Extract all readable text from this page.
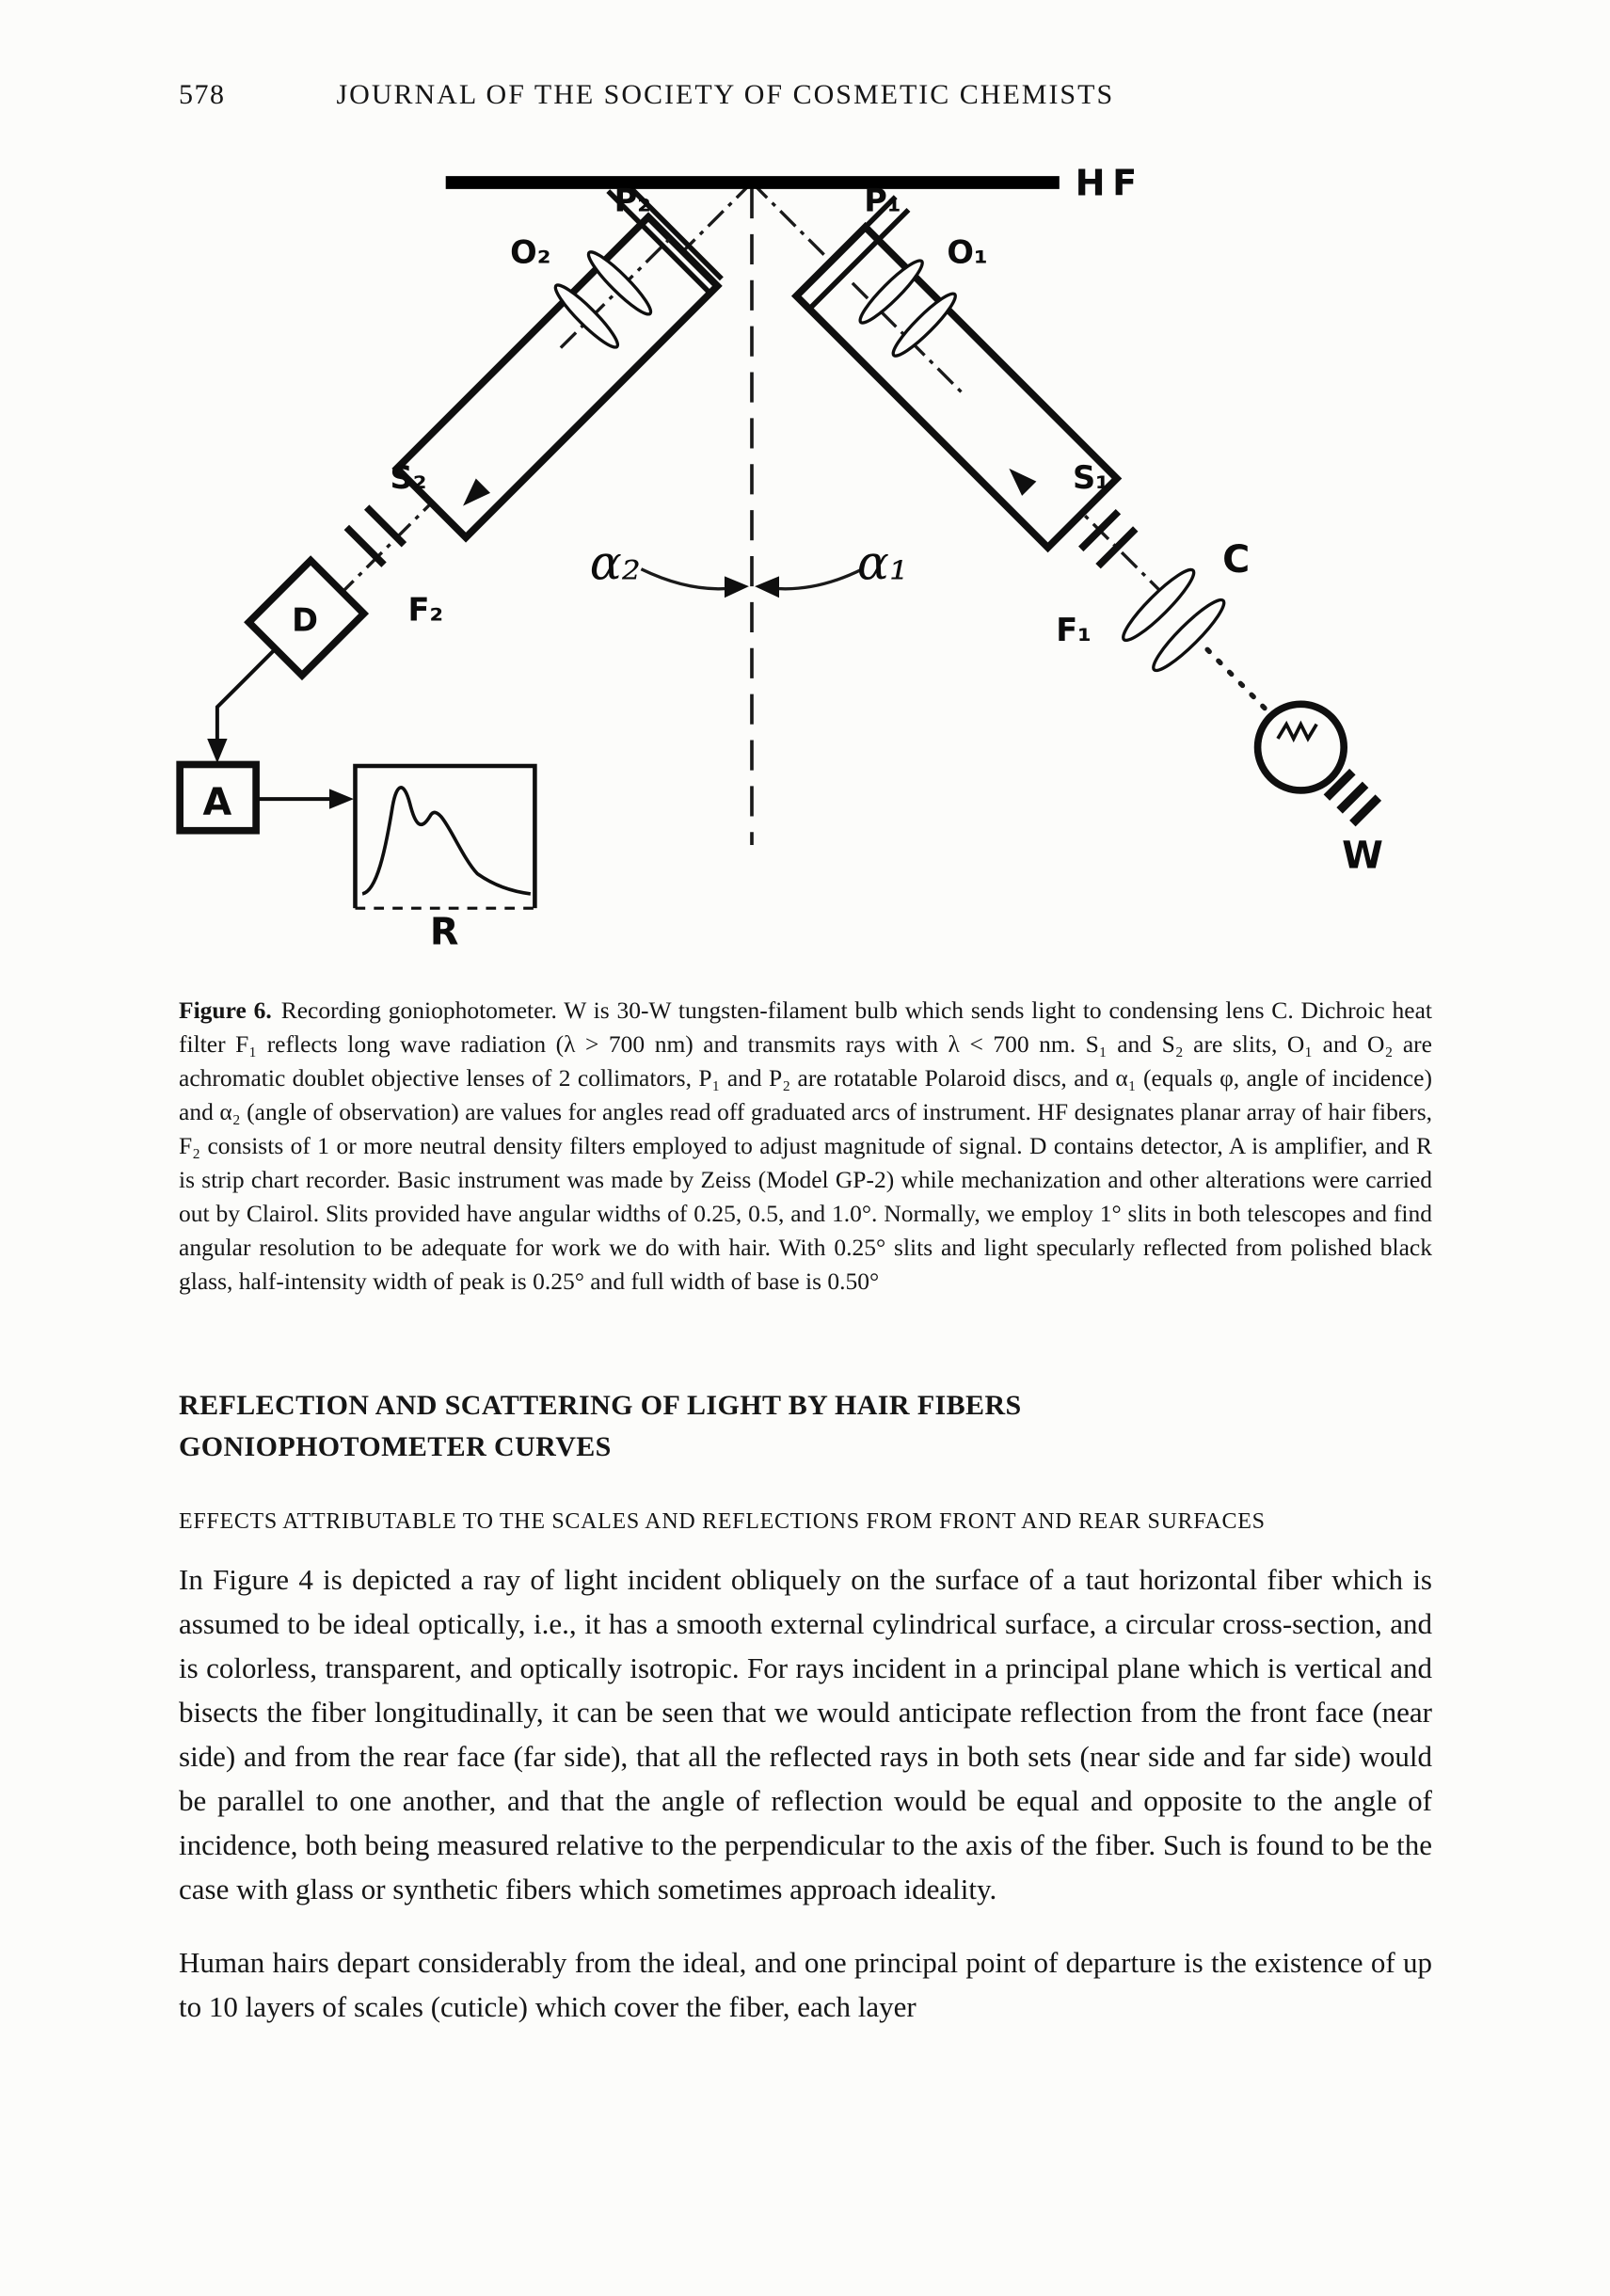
578	JOURNAL OF THE SOCIETY OF COSMETIC CHEMISTS
HF
P₂
O₂
S₂
D	F₂
α₂	α₁
P₁
O₁
S₁
F₁
C
W
A
R

Figure 6. Recording goniophotometer. W is 30-W tungsten-filament bulb which sends light to condensing lens C. Dichroic heat filter F₁ reflects long wave radiation (λ > 700 nm) and transmits rays with λ < 700 nm. S₁ and S₂ are slits, O₁ and O₂ are achromatic doublet objective lenses of 2 collimators, P₁ and P₂ are rotatable Polaroid discs, and α₁ (equals φ, angle of incidence) and α₂ (angle of observation) are values for angles read off graduated arcs of instrument. HF designates planar array of hair fibers, F₂ consists of 1 or more neutral density filters employed to adjust magnitude of signal. D contains detector, A is amplifier, and R is strip chart recorder. Basic instrument was made by Zeiss (Model GP-2) while mechanization and other alterations were carried out by Clairol. Slits provided have angular widths of 0.25, 0.5, and 1.0°. Normally, we employ 1° slits in both telescopes and find angular resolution to be adequate for work we do with hair. With 0.25° slits and light specularly reflected from polished black glass, half-intensity width of peak is 0.25° and full width of base is 0.50°

REFLECTION AND SCATTERING OF LIGHT BY HAIR FIBERS
GONIOPHOTOMETER CURVES
EFFECTS ATTRIBUTABLE TO THE SCALES AND REFLECTIONS FROM FRONT AND REAR SURFACES

In Figure 4 is depicted a ray of light incident obliquely on the surface of a taut horizontal fiber which is assumed to be ideal optically, i.e., it has a smooth external cylindrical surface, a circular cross-section, and is colorless, transparent, and optically isotropic. For rays incident in a principal plane which is vertical and bisects the fiber longitudinally, it can be seen that we would anticipate reflection from the front face (near side) and from the rear face (far side), that all the reflected rays in both sets (near side and far side) would be parallel to one another, and that the angle of reflection would be equal and opposite to the angle of incidence, both being measured relative to the perpendicular to the axis of the fiber. Such is found to be the case with glass or synthetic fibers which sometimes approach ideality.

Human hairs depart considerably from the ideal, and one principal point of departure is the existence of up to 10 layers of scales (cuticle) which cover the fiber, each layer
